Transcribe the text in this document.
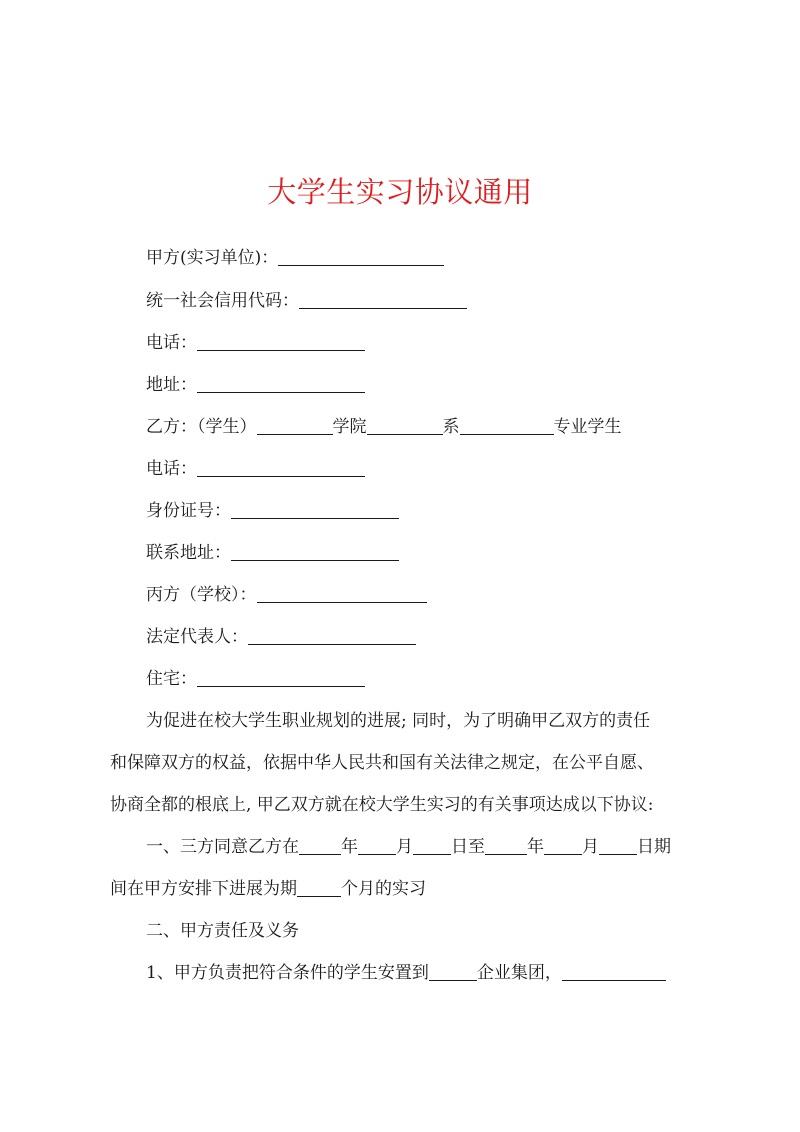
大学生实习协议通用
甲方(实习单位)：
统一社会信用代码：
电话：
地址：
乙方：（学生）	学院	系	专业学生
电话：
身份证号：
联系地址：
丙方（学校）：
法定代表人：
住宅：
为促进在校大学生职业规划的进展; 同时，为了明确甲乙双方的责任
和保障双方的权益，依据中华人民共和国有关法律之规定，在公平自愿、
协商全都的根底上, 甲乙双方就在校大学生实习的有关事项达成以下协议:
一、三方同意乙方在 年 月 日至 年 月 日期
间在甲方安排下进展为期	个月的实习
二、甲方责任及义务
1、甲方负责把符合条件的学生安置到	企业集团，
